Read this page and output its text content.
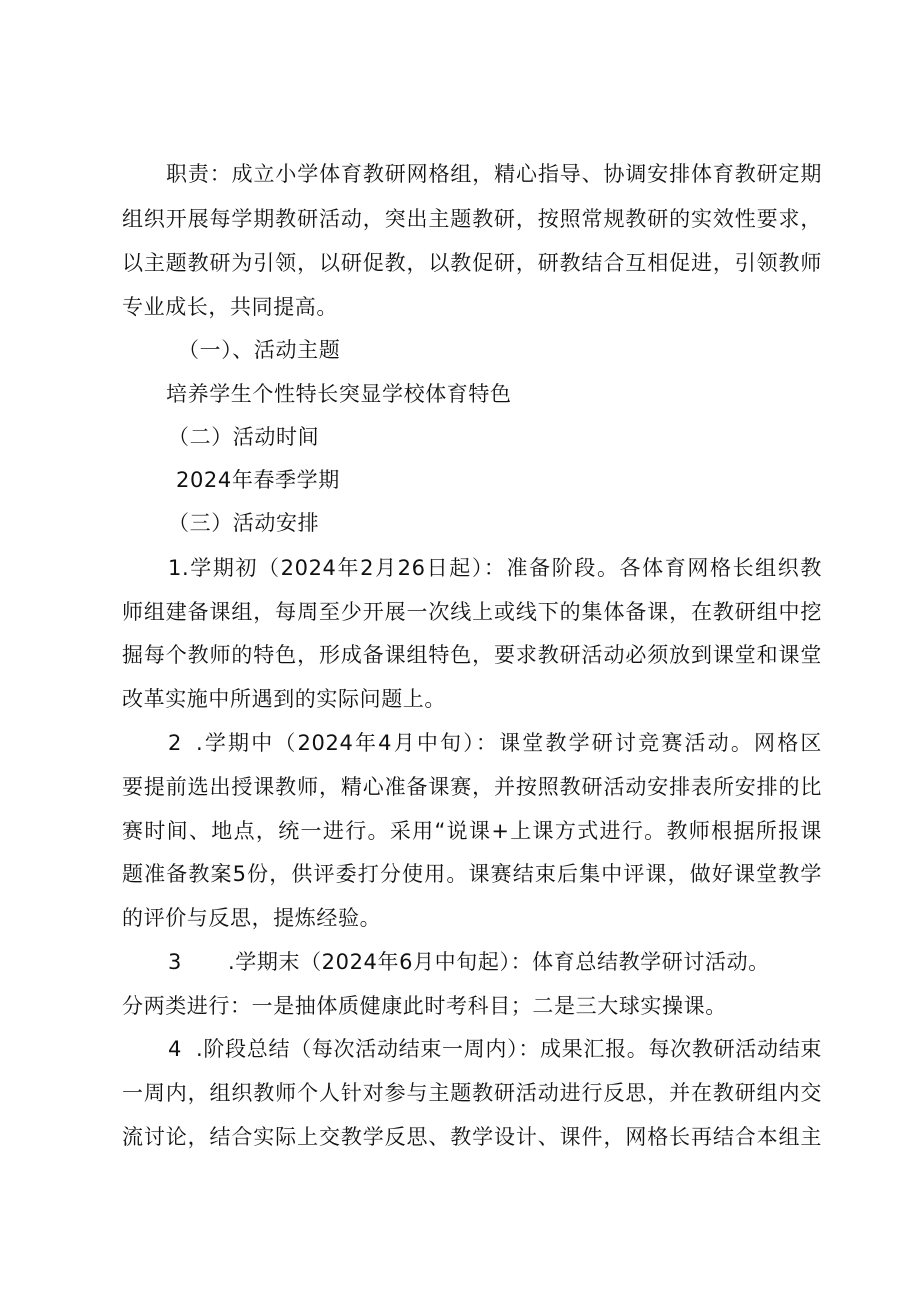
职责：成立小学体育教研网格组，精心指导、协调安排体育教研定期
组织开展每学期教研活动，突出主题教研，按照常规教研的实效性要求，
以主题教研为引领，以研促教，以教促研，研教结合互相促进，引领教师
专业成长，共同提高。
（一）、活动主题
培养学生个性特长突显学校体育特色
（二）活动时间
2024年春季学期
（三）活动安排
1.学期初（2024年2月26日起）：准备阶段。各体育网格长组织教
师组建备课组，每周至少开展一次线上或线下的集体备课，在教研组中挖
掘每个教师的特色，形成备课组特色，要求教研活动必须放到课堂和课堂
改革实施中所遇到的实际问题上。
2 .学期中（2024年4月中旬）：课堂教学研讨竞赛活动。网格区
要提前选出授课教师，精心准备课赛，并按照教研活动安排表所安排的比
赛时间、地点，统一进行。采用“说课+上课方式进行。教师根据所报课
题准备教案5份，供评委打分使用。课赛结束后集中评课，做好课堂教学
的评价与反思，提炼经验。
3 .学期末（2024年6月中旬起）：体育总结教学研讨活动。
分两类进行：一是抽体质健康此时考科目；二是三大球实操课。
4 .阶段总结（每次活动结束一周内）：成果汇报。每次教研活动结束
一周内，组织教师个人针对参与主题教研活动进行反思，并在教研组内交
流讨论，结合实际上交教学反思、教学设计、课件，网格长再结合本组主
